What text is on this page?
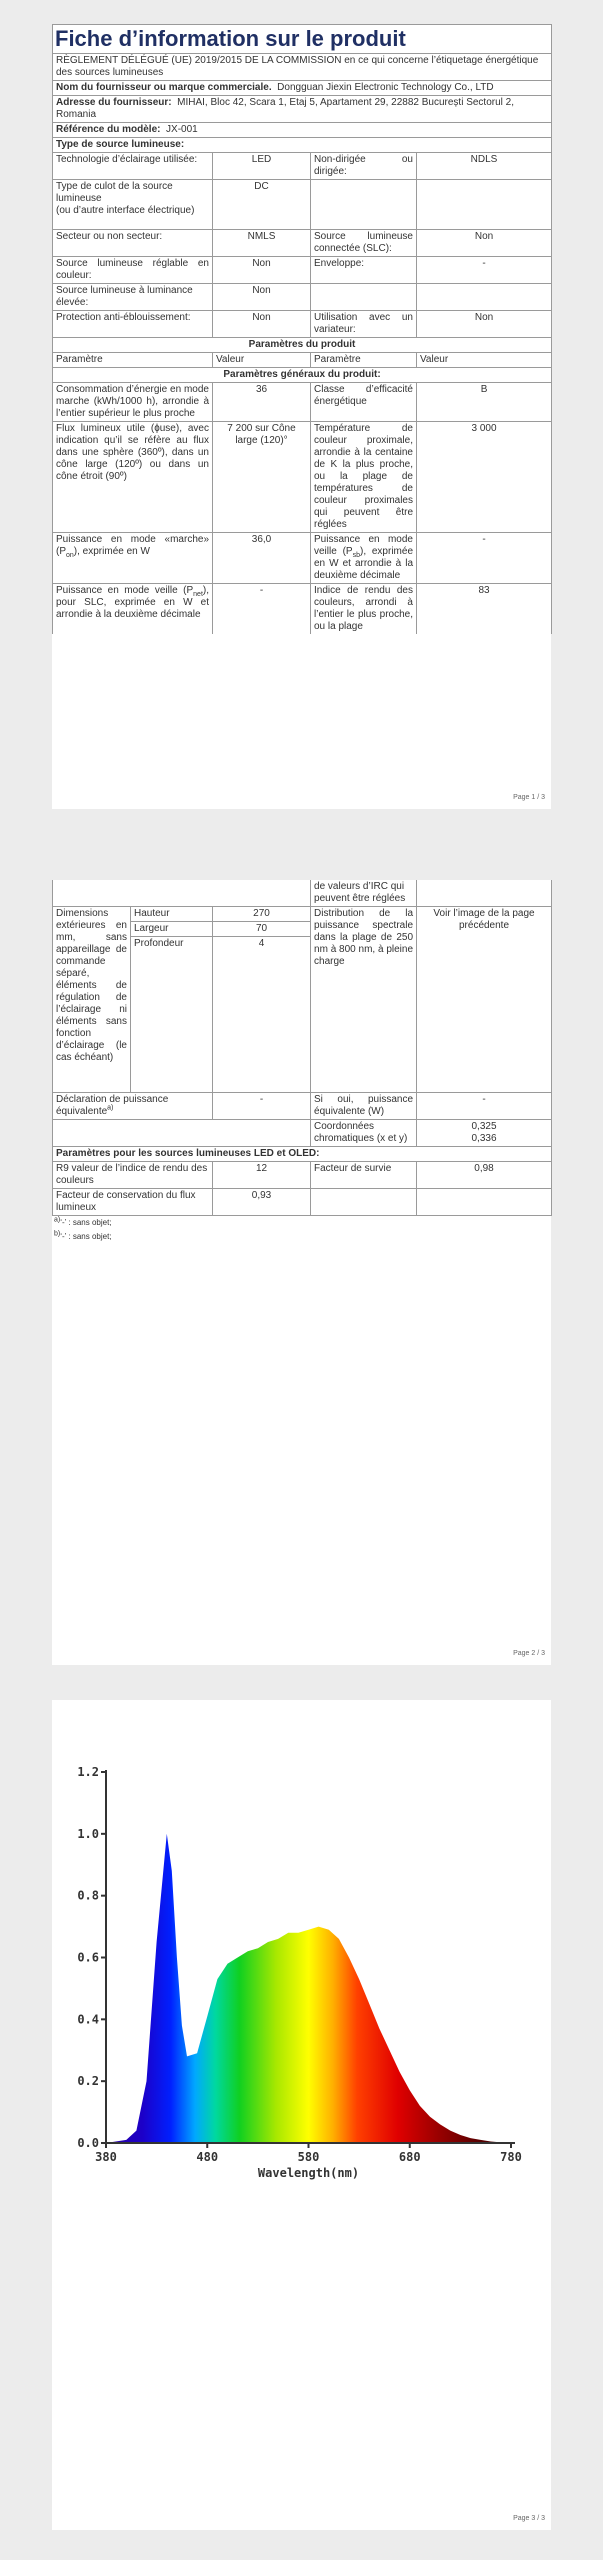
Fiche d’information sur le produit			
RÈGLEMENT DÉLÉGUÉ (UE) 2019/2015 DE LA COMMISSION en ce qui concerne l’étiquetage énergétique des sources lumineuses			
Nom du fournisseur ou marque commerciale. Dongguan Jiexin Electronic Technology Co., LTD			
Adresse du fournisseur: MIHAI, Bloc 42, Scara 1, Etaj 5, Apartament 29, 22882 București Sectorul 2, Romania			
Référence du modèle: JX-001			
Type de source lumineuse:			
Technologie d’éclairage utilisée:	LED	Non-dirigée ou dirigée:	NDLS
Type de culot de la source lumineuse
(ou d’autre interface électrique)	DC		
Secteur ou non secteur:	NMLS	Source lumineuse connectée (SLC):	Non
Source lumineuse réglable en couleur:	Non	Enveloppe:	-
Source lumineuse à luminance élevée:	Non		
Protection anti-éblouissement:	Non	Utilisation avec un variateur:	Non
Paramètres du produit			
Paramètre	Valeur	Paramètre	Valeur
Paramètres généraux du produit:			
Consommation d’énergie en mode marche (kWh/1000 h), arrondie à l’entier supérieur le plus proche	36	Classe d’efficacité énergétique	B
Flux lumineux utile (ɸuse), avec indication qu’il se réfère au flux dans une sphère (360º), dans un cône large (120º) ou dans un cône étroit (90º)	7 200 sur Cône large (120)°	Température de couleur proximale, arrondie à la centaine de K la plus proche, ou la plage de températures de couleur proximales qui peuvent être réglées	3 000
Puissance en mode «marche» $(P_{on})$, exprimée en W	36,0	Puissance en mode veille $(P_{sb})$, exprimée en W et arrondie à la deuxième décimale	-
Puissance en mode veille $(P_{net})$, pour SLC, exprimée en W et arrondie à la deuxième décimale	-	Indice de rendu des couleurs, arrondi à l’entier le plus proche, ou la plage	83
Page 1 / 3
			de valeurs d’IRC qui peuvent être réglées	
Dimensions extérieures en mm, sans appareillage de commande séparé, éléments de régulation de l’éclairage ni éléments sans fonction d’éclairage (le cas échéant)	Hauteur	270	Distribution de la puissance spectrale dans la plage de 250 nm à 800 nm, à pleine charge	Voir l’image de la page précédente
	Largeur	70		
	Profondeur	4		
Déclaration de puissance équivalente$^{a)}$		-	Si oui, puissance équivalente (W)	-
			Coordonnées chromatiques (x et y)	0,325
0,336

Paramètres pour les sources lumineuses LED et OLED:				
R9 valeur de l’indice de rendu des couleurs		12	Facteur de survie	0,98
Facteur de conservation du flux lumineux		0,93		
$^{a)}$‘-’ : sans objet;
$^{b)}$‘-’ : sans objet;
Page 2 / 3
0.0
0.2
0.4
0.6
0.8
1.0
1.2
380	480	580	680	780
Wavelength(nm)
Page 3 / 3
